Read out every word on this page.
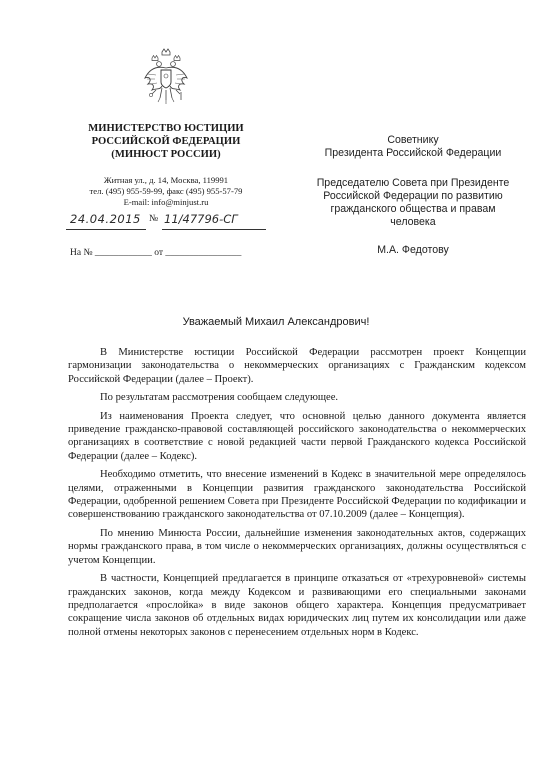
МИНИСТЕРСТВО ЮСТИЦИИ
РОССИЙСКОЙ ФЕДЕРАЦИИ
(МИНЮСТ РОССИИ)
Житная ул., д. 14, Москва, 119991
тел. (495) 955-59-99, факс (495) 955-57-79
E-mail: info@minjust.ru
24.04.2015 № 11/47796-СГ
На № ____________ от ________________
Советнику
Президента Российской Федерации
Председателю Совета при Президенте
Российской Федерации по развитию
гражданского общества и правам
человека
М.А. Федотову
Уважаемый Михаил Александрович!

В Министерстве юстиции Российской Федерации рассмотрен проект Концепции гармонизации законодательства о некоммерческих организациях с Гражданским кодексом Российской Федерации (далее – Проект).

По результатам рассмотрения сообщаем следующее.

Из наименования Проекта следует, что основной целью данного документа является приведение гражданско-правовой составляющей российского законодательства о некоммерческих организациях в соответствие с новой редакцией части первой Гражданского кодекса Российской Федерации (далее – Кодекс).

Необходимо отметить, что внесение изменений в Кодекс в значительной мере определялось целями, отраженными в Концепции развития гражданского законодательства Российской Федерации, одобренной решением Совета при Президенте Российской Федерации по кодификации и совершенствованию гражданского законодательства от 07.10.2009 (далее – Концепция).

По мнению Минюста России, дальнейшие изменения законодательных актов, содержащих нормы гражданского права, в том числе о некоммерческих организациях, должны осуществляться с учетом Концепции.

В частности, Концепцией предлагается в принципе отказаться от «трехуровневой» системы гражданских законов, когда между Кодексом и развивающими его специальными законами предполагается «прослойка» в виде законов общего характера. Концепция предусматривает сокращение числа законов об отдельных видах юридических лиц путем их консолидации или даже полной отмены некоторых законов с перенесением отдельных норм в Кодекс.
